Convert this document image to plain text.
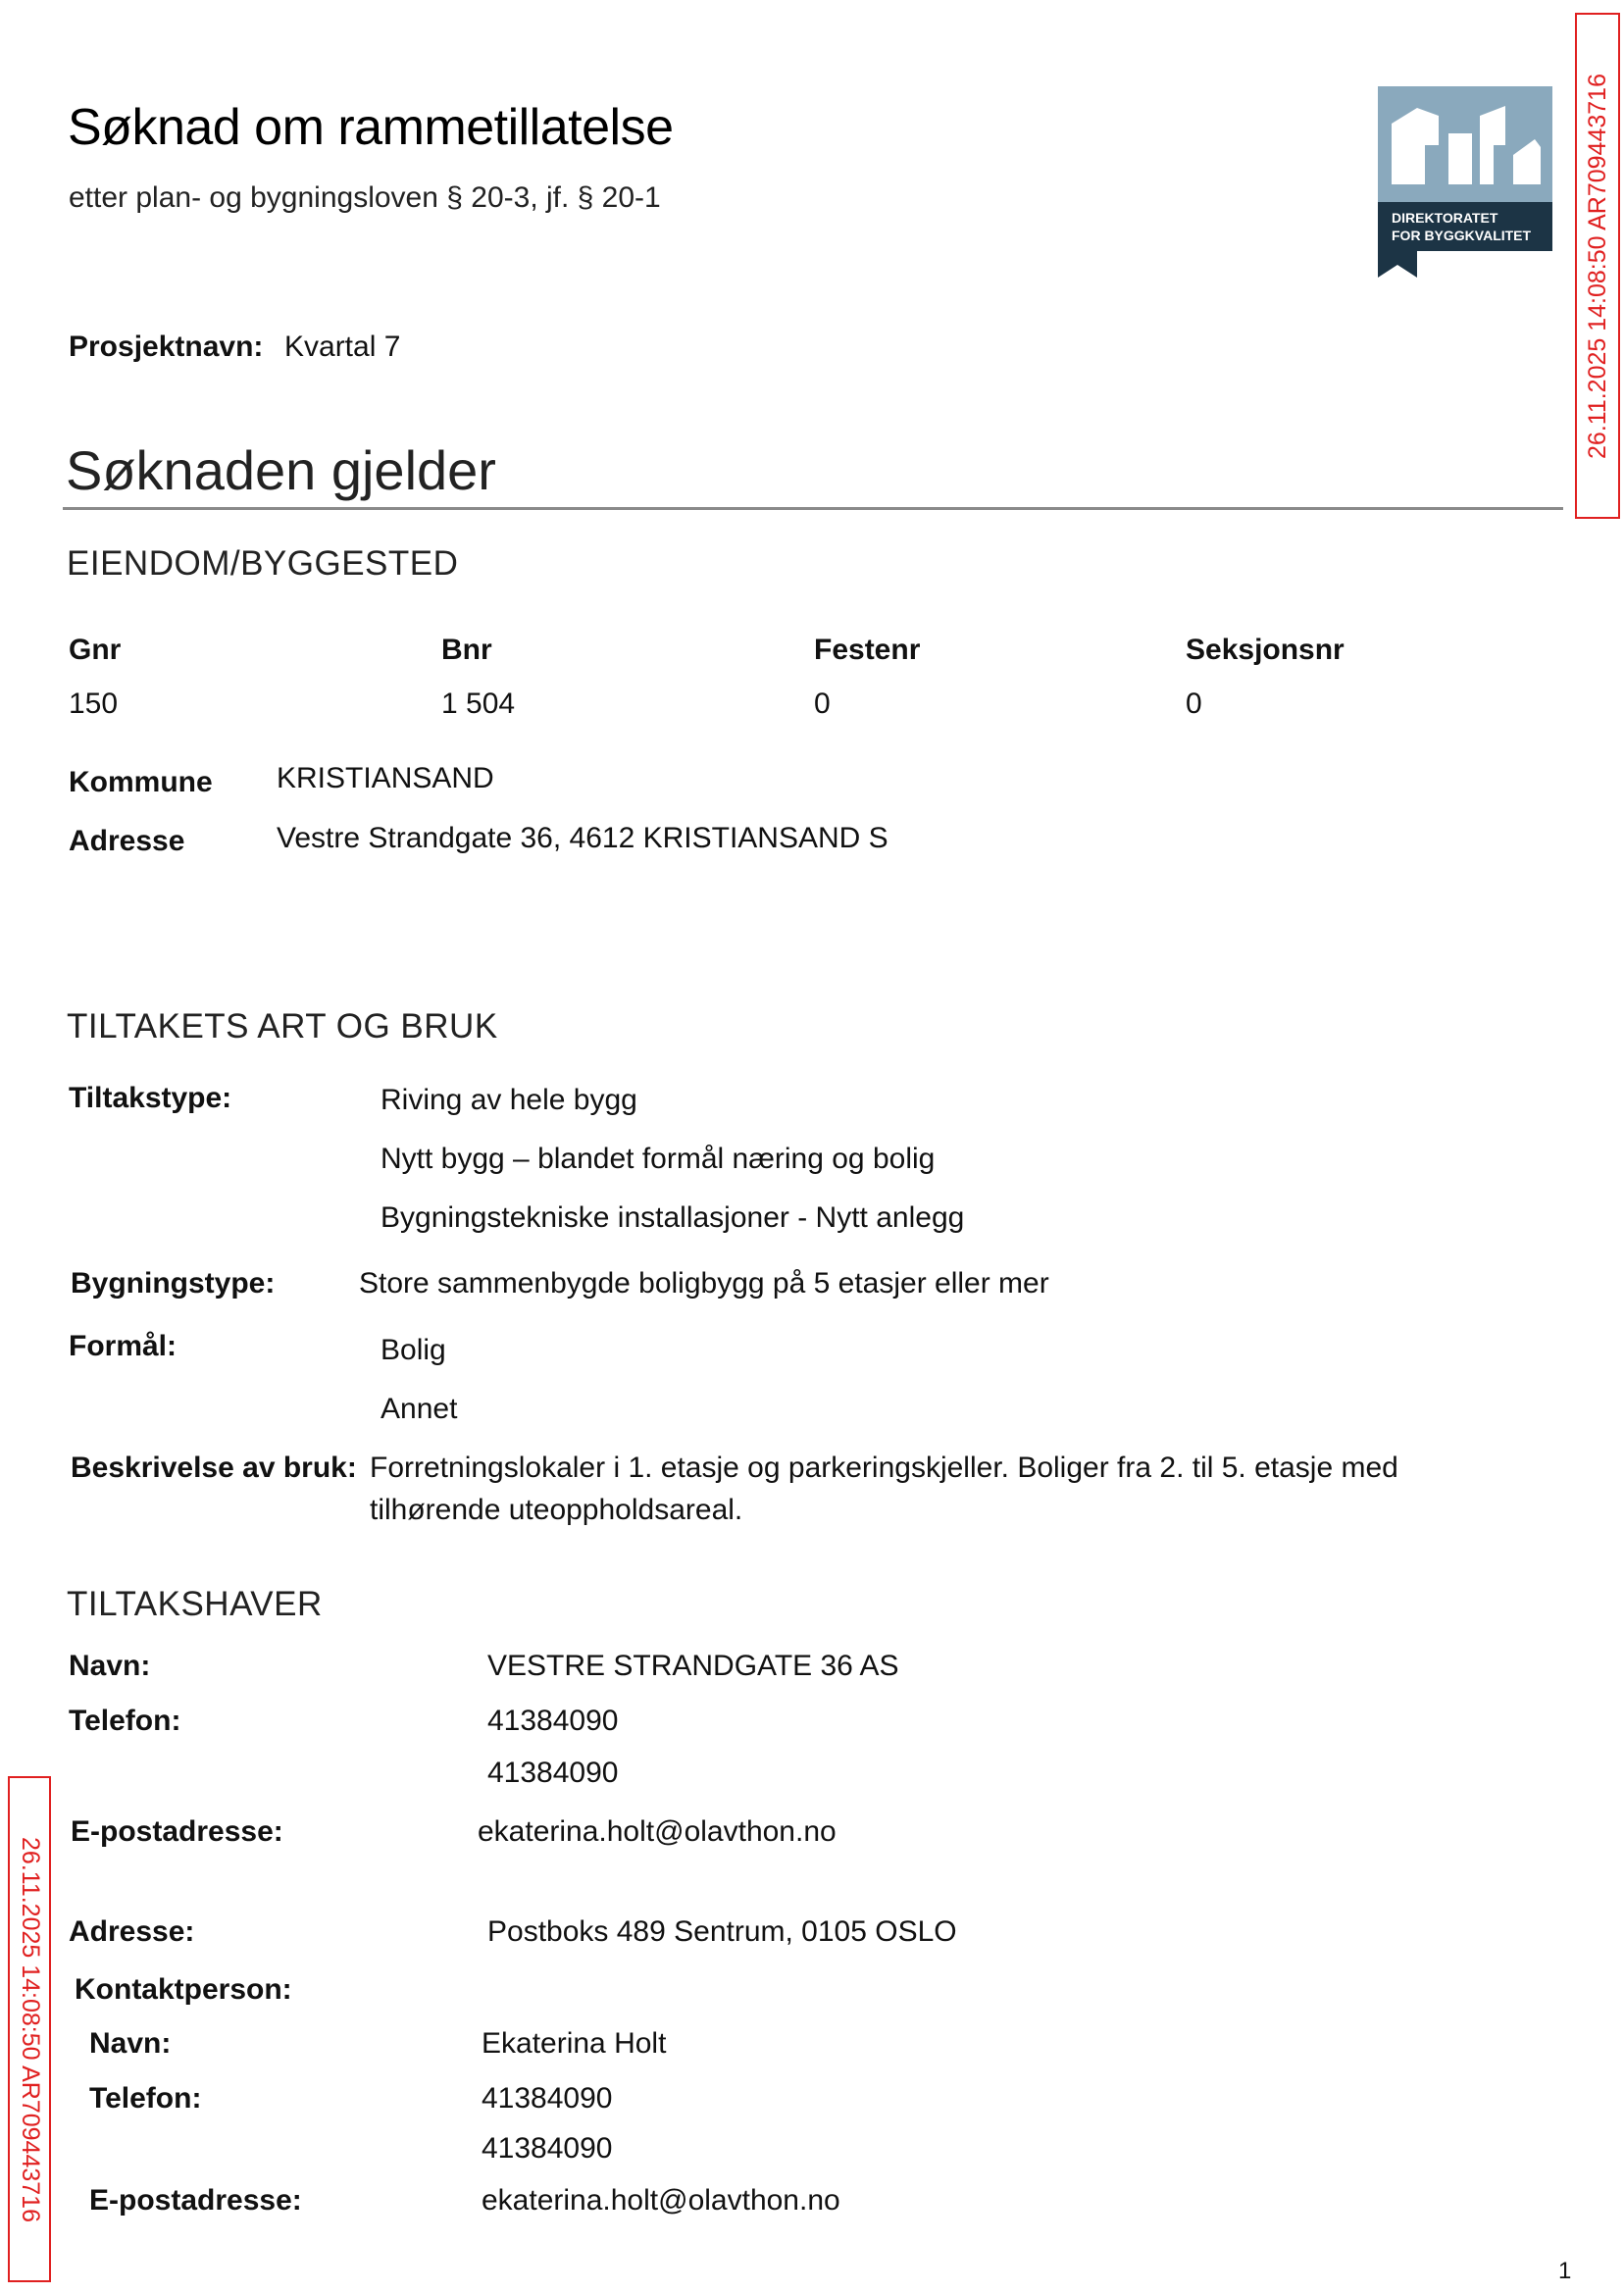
Søknad om rammetillatelse
etter plan- og bygningsloven § 20-3, jf. § 20-1
Prosjektnavn: Kvartal 7
DIREKTORATET
FOR BYGGKVALITET 26.11.2025 14:08:50 AR709443716
Søknaden gjelder
EIENDOM/BYGGESTED
Gnr	Bnr	Festenr	Seksjonsnr
150	1 504	0	0
Kommune KRISTIANSAND
Adresse	Vestre Strandgate 36, 4612 KRISTIANSAND S
TILTAKETS ART OG BRUK
Tiltakstype:	Riving av hele bygg
Nytt bygg – blandet formål næring og bolig
Bygningstekniske installasjoner - Nytt anlegg
Bygningstype:	Store sammenbygde boligbygg på 5 etasjer eller mer
Formål:	Bolig
Annet
Beskrivelse av bruk: Forretningslokaler i 1. etasje og parkeringskjeller. Boliger fra 2. til 5. etasje med
tilhørende uteoppholdsareal.
TILTAKSHAVER
Navn:	VESTRE STRANDGATE 36 AS
Telefon:	41384090
41384090
E-postadresse:	ekaterina.holt@olavthon.no
Adresse:	Postboks 489 Sentrum, 0105 OSLO
Kontaktperson:
Navn:	Ekaterina Holt
Telefon:	41384090
41384090
E-postadresse:	ekaterina.holt@olavthon.no
26.11.2025 14:08:50 AR709443716
1
